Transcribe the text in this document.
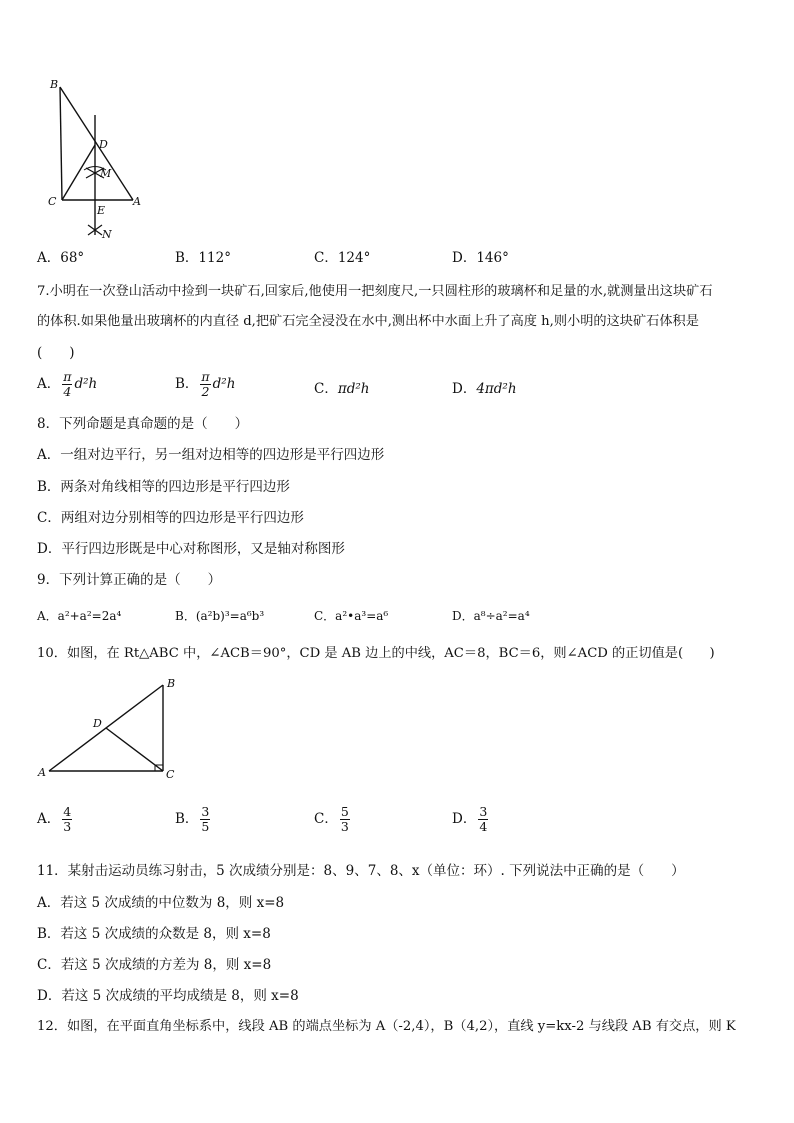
B
D
M
C
E
A
N
A．68°	B．112°	C．124°	D．146°
7.小明在一次登山活动中捡到一块矿石,回家后,他使用一把刻度尺,一只圆柱形的玻璃杯和足量的水,就测量出这块矿石
的体积.如果他量出玻璃杯的内直径 d,把矿石完全浸没在水中,测出杯中水面上升了高度 h,则小明的这块矿石体积是
(　　)
A． $\frac{\pi}{4} d^2h$	B． $\frac{\pi}{2} d^2h$	C．πd²h	D．4πd²h
8．下列命题是真命题的是（　　）
A．一组对边平行，另一组对边相等的四边形是平行四边形
B．两条对角线相等的四边形是平行四边形
C．两组对边分别相等的四边形是平行四边形
D．平行四边形既是中心对称图形，又是轴对称图形
9．下列计算正确的是（　　）
A．a²+a²=2a⁴	B．(a²b)³=a⁶b³	C．a²•a³=a⁶	D．a⁸÷a²=a⁴
10．如图，在 Rt△ABC 中，∠ACB＝90°，CD 是 AB 边上的中线，AC＝8，BC＝6，则∠ACD 的正切值是(　　)
B
D
A	C
A． $\frac{4}{3}$	B． $\frac{3}{5}$	C． $\frac{5}{3}$	D． $\frac{3}{4}$
11．某射击运动员练习射击，5 次成绩分别是：8、9、7、8、x（单位：环）. 下列说法中正确的是（　　）
A．若这 5 次成绩的中位数为 8，则 x=8
B．若这 5 次成绩的众数是 8，则 x=8
C．若这 5 次成绩的方差为 8，则 x=8
D．若这 5 次成绩的平均成绩是 8，则 x=8
12．如图，在平面直角坐标系中，线段 AB 的端点坐标为 A（-2,4），B（4,2），直线 y=kx-2 与线段 AB 有交点，则 K
